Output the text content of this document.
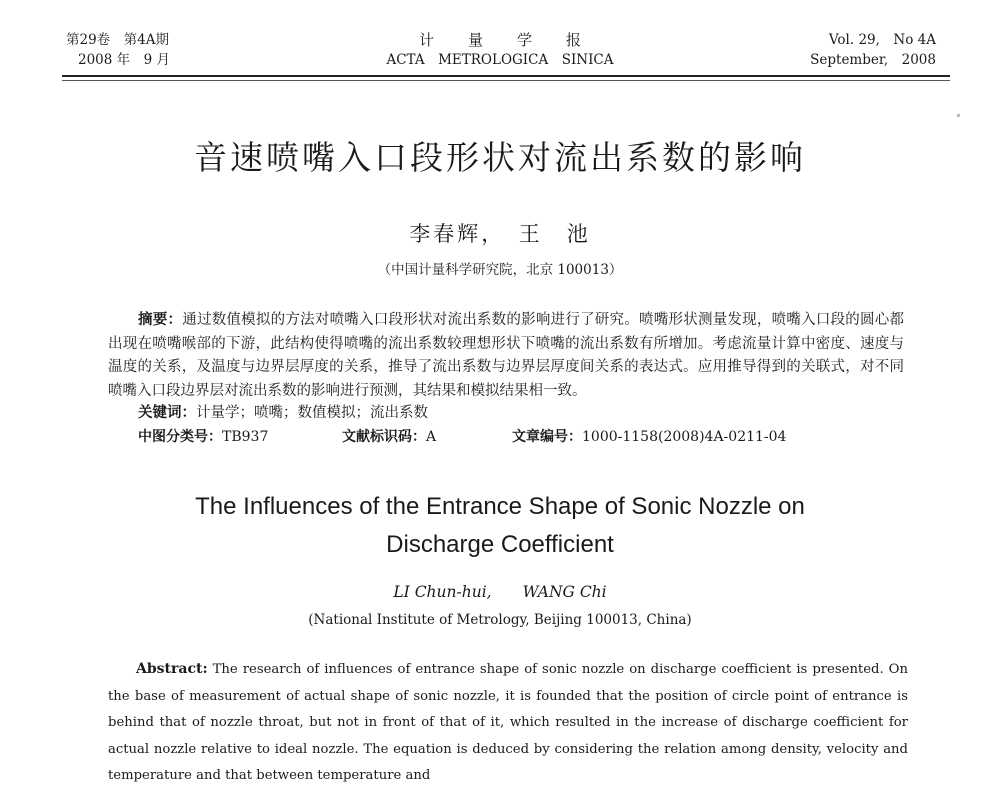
第29卷　第4A期
2008 年　9 月
计量学报
ACTA　METROLOGICA　SINICA
Vol. 29,　No 4A
September,　2008
音速喷嘴入口段形状对流出系数的影响
李春辉，　王　池
（中国计量科学研究院，北京 100013）
摘要：通过数值模拟的方法对喷嘴入口段形状对流出系数的影响进行了研究。喷嘴形状测量发现，喷嘴入口段的圆心都出现在喷嘴喉部的下游，此结构使得喷嘴的流出系数较理想形状下喷嘴的流出系数有所增加。考虑流量计算中密度、速度与温度的关系，及温度与边界层厚度的关系，推导了流出系数与边界层厚度间关系的表达式。应用推导得到的关联式，对不同喷嘴入口段边界层对流出系数的影响进行预测，其结果和模拟结果相一致。
关键词：计量学；喷嘴；数值模拟；流出系数
中图分类号：TB937	文献标识码：A	文章编号：1000-1158(2008)4A-0211-04
The Influences of the Entrance Shape of Sonic Nozzle on Discharge Coefficient
LI Chun-hui,　　WANG Chi
(National Institute of Metrology, Beijing 100013, China)
Abstract: The research of influences of entrance shape of sonic nozzle on discharge coefficient is presented. On the base of measurement of actual shape of sonic nozzle, it is founded that the position of circle point of entrance is behind that of nozzle throat, but not in front of that of it, which resulted in the increase of discharge coefficient for actual nozzle relative to ideal nozzle. The equation is deduced by considering the relation among density, velocity and temperature and that between temperature and
